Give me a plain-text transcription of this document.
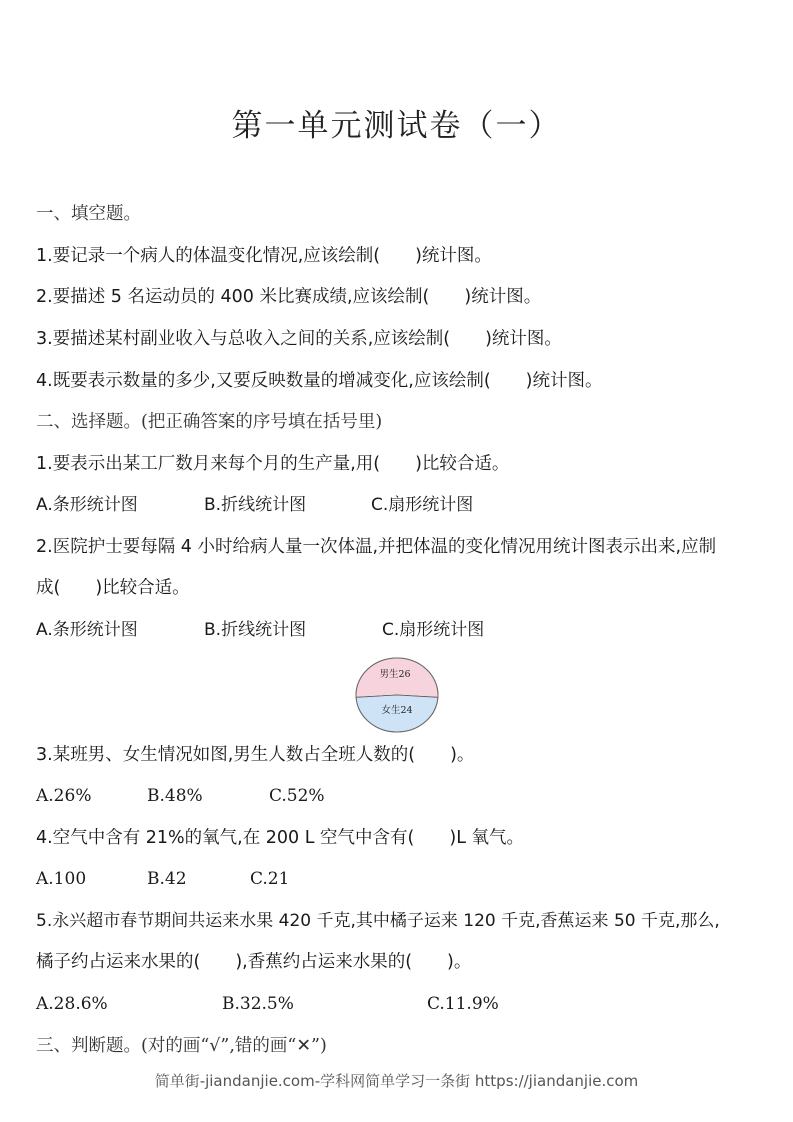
第一单元测试卷（一）
一、填空题。
1.要记录一个病人的体温变化情况,应该绘制(　　)统计图。
2.要描述 5 名运动员的 400 米比赛成绩,应该绘制(　　)统计图。
3.要描述某村副业收入与总收入之间的关系,应该绘制(　　)统计图。
4.既要表示数量的多少,又要反映数量的增减变化,应该绘制(　　)统计图。
二、选择题。(把正确答案的序号填在括号里)
1.要表示出某工厂数月来每个月的生产量,用(　　)比较合适。
A.条形统计图	B.折线统计图	C.扇形统计图
2.医院护士要每隔 4 小时给病人量一次体温,并把体温的变化情况用统计图表示出来,应制
成(　　)比较合适。
A.条形统计图	B.折线统计图	C.扇形统计图
男生26
女生24
3.某班男、女生情况如图,男生人数占全班人数的(　　)。
A.26%	B.48%	C.52%
4.空气中含有 21%的氧气,在 200 L 空气中含有(　　)L 氧气。
A.100	B.42	C.21
5.永兴超市春节期间共运来水果 420 千克,其中橘子运来 120 千克,香蕉运来 50 千克,那么,
橘子约占运来水果的(　　),香蕉约占运来水果的(　　)。
A.28.6%	B.32.5%	C.11.9%
三、判断题。(对的画“√”,错的画“✕”)
简单街-jiandanjie.com-学科网简单学习一条街 https://jiandanjie.com
